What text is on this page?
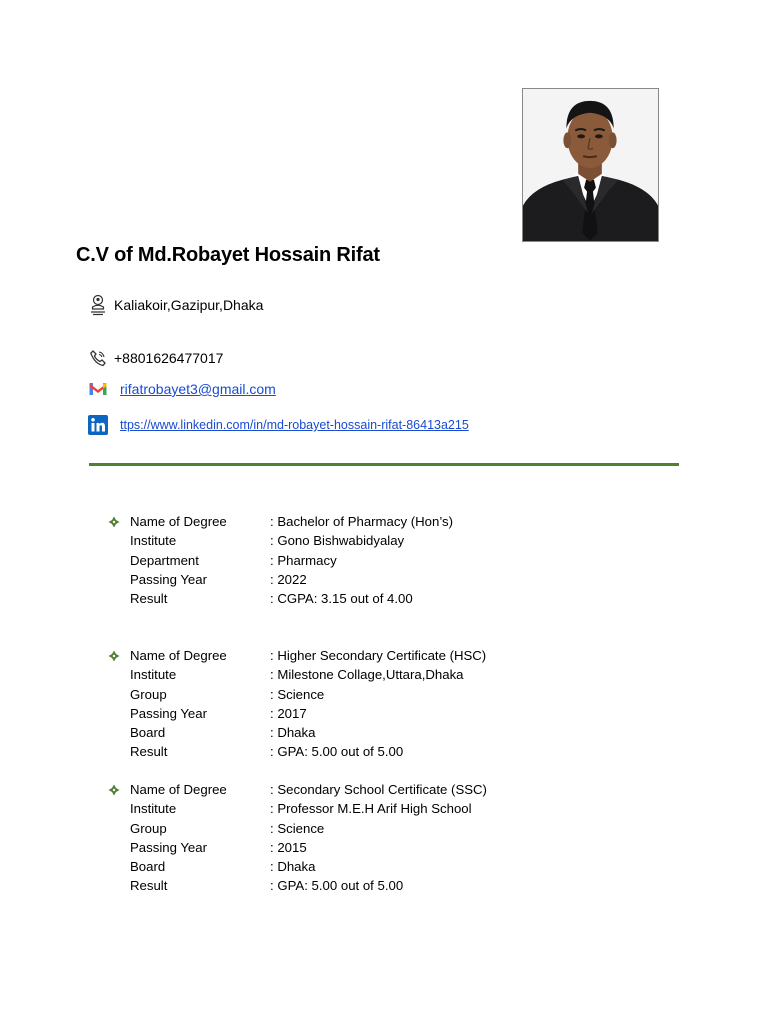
C.V of Md.Robayet Hossain Rifat
Kaliakoir,Gazipur,Dhaka
+8801626477017
rifatrobayet3@gmail.com
ttps://www.linkedin.com/in/md-robayet-hossain-rifat-86413a215
Name of Degree	: Bachelor of Pharmacy (Hon’s)
Institute	: Gono Bishwabidyalay
Department	: Pharmacy
Passing Year	: 2022
Result	: CGPA: 3.15 out of 4.00
Name of Degree	: Higher Secondary Certificate (HSC)
Institute	: Milestone Collage,Uttara,Dhaka
Group	: Science
Passing Year	: 2017
Board	: Dhaka
Result	: GPA: 5.00 out of 5.00
Name of Degree	: Secondary School Certificate (SSC)
Institute	: Professor M.E.H Arif High School
Group	: Science
Passing Year	: 2015
Board	: Dhaka
Result	: GPA: 5.00 out of 5.00
